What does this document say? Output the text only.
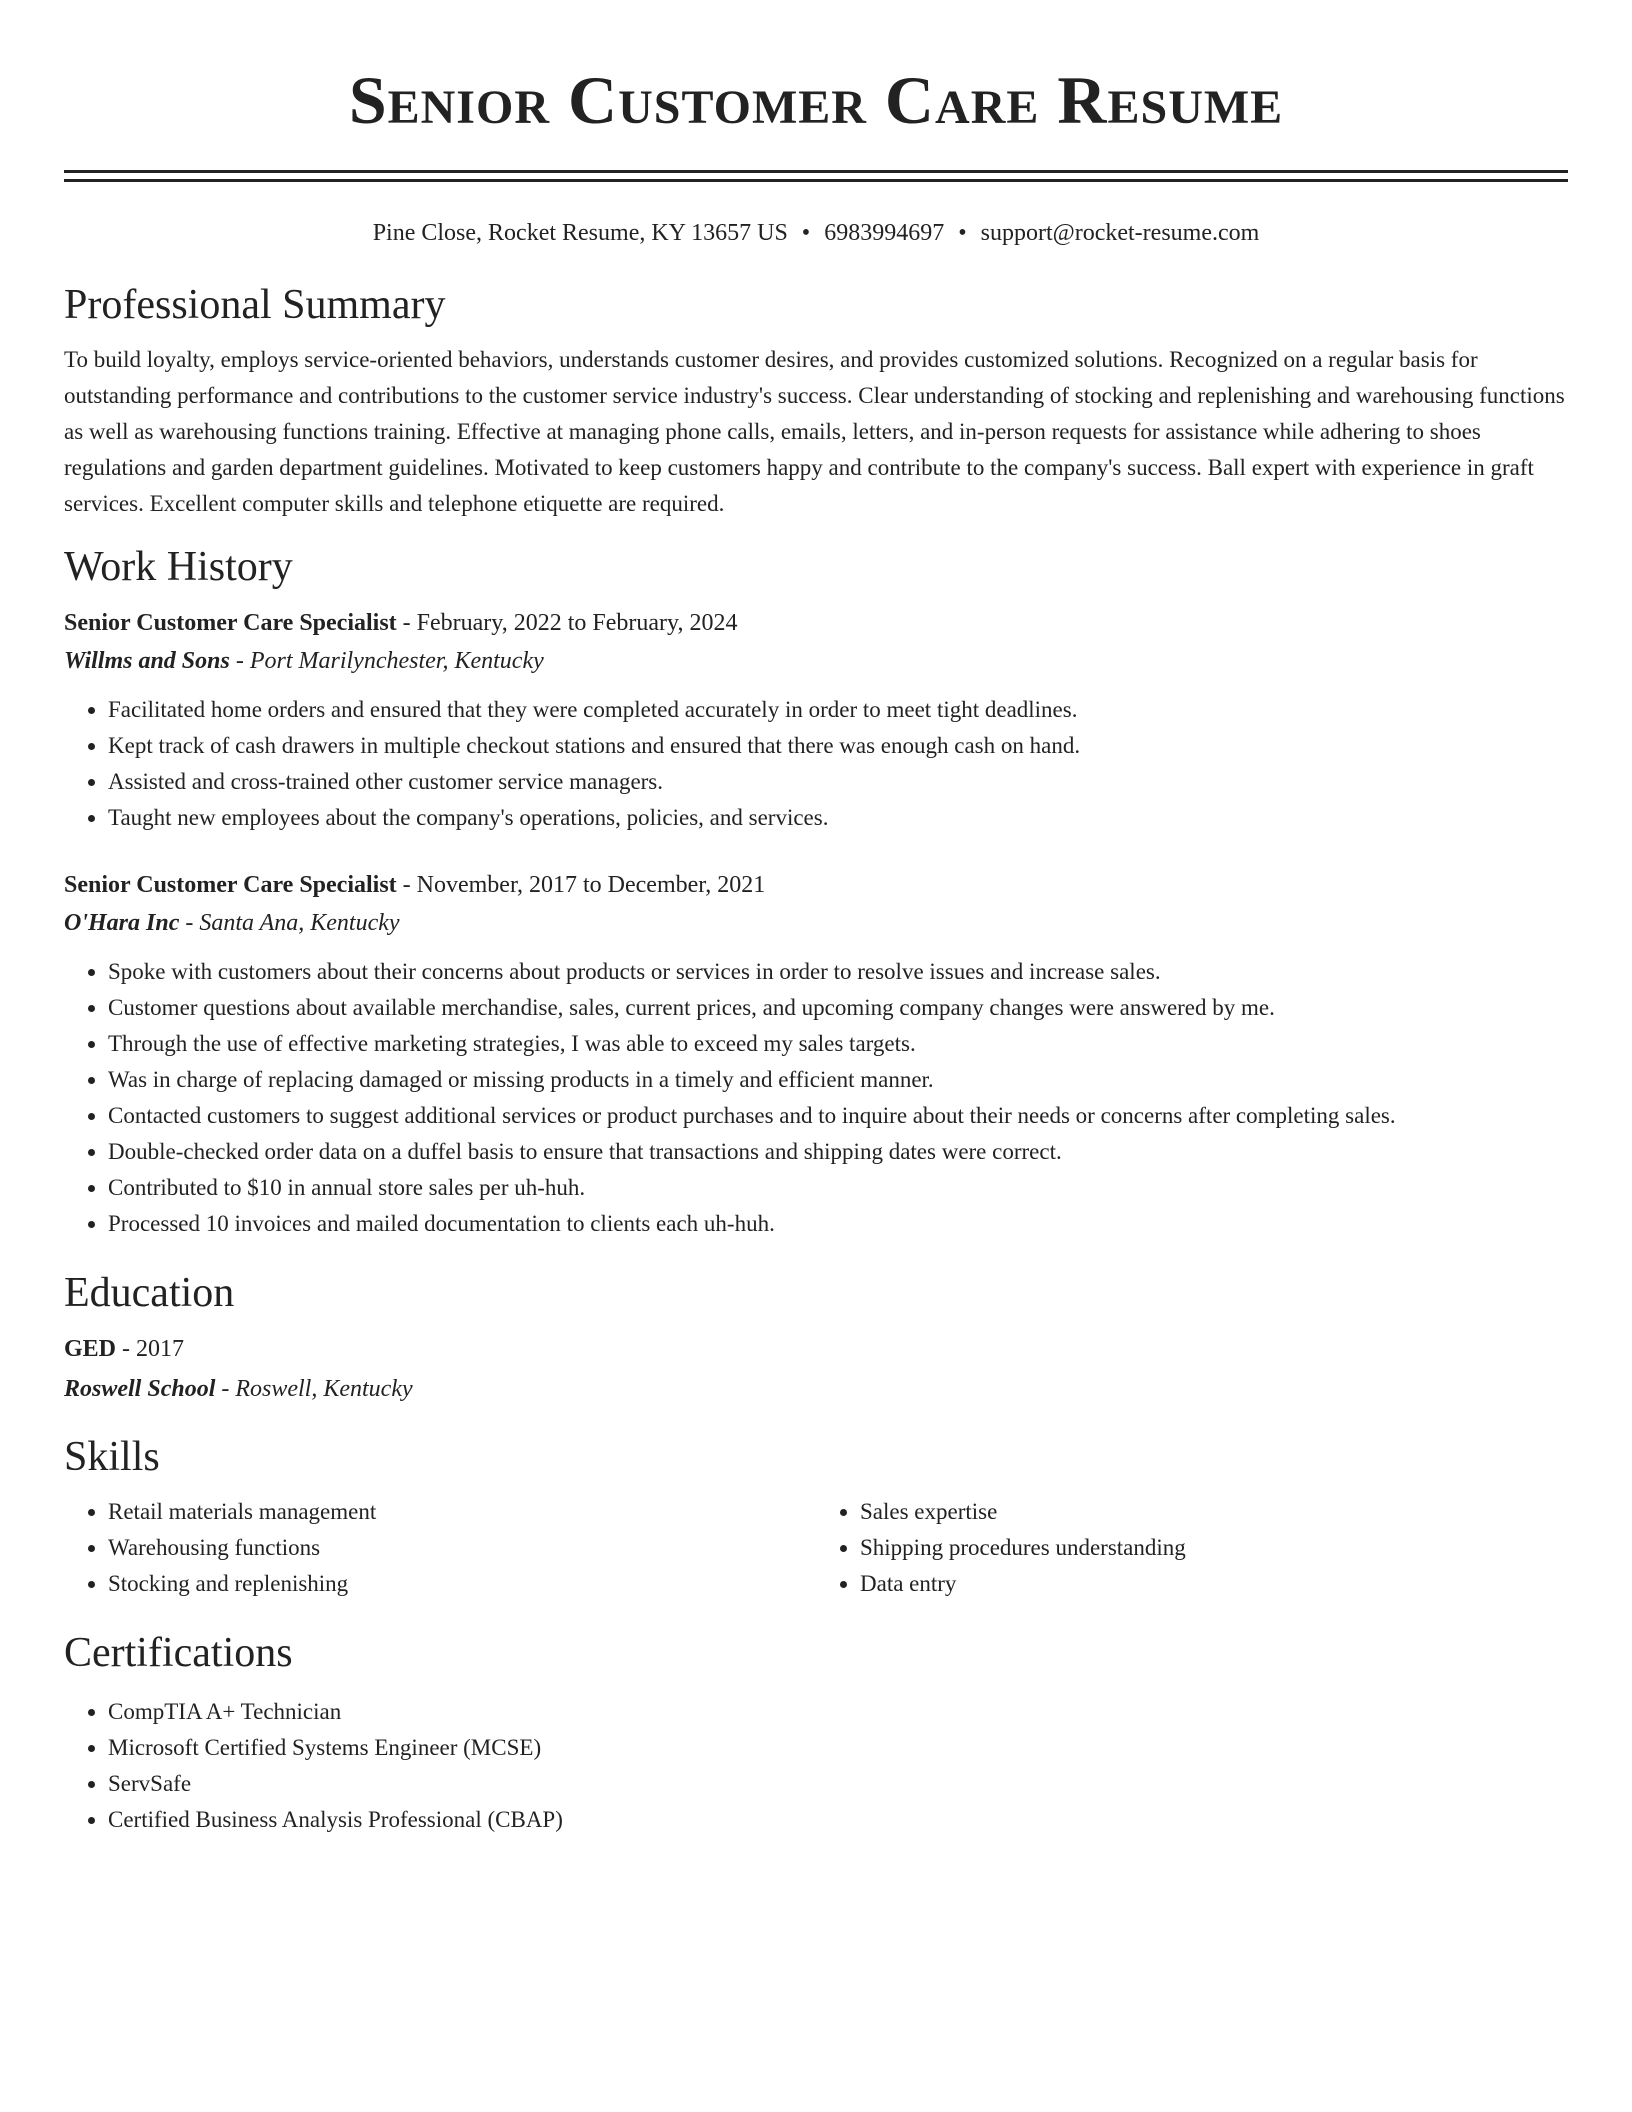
Senior Customer Care Resume
Pine Close, Rocket Resume, KY 13657 US • 6983994697 • support@rocket-resume.com
Professional Summary

To build loyalty, employs service-oriented behaviors, understands customer desires, and provides customized solutions. Recognized on a regular basis for outstanding performance and contributions to the customer service industry's success. Clear understanding of stocking and replenishing and warehousing functions as well as warehousing functions training. Effective at managing phone calls, emails, letters, and in-person requests for assistance while adhering to shoes regulations and garden department guidelines. Motivated to keep customers happy and contribute to the company's success. Ball expert with experience in graft services. Excellent computer skills and telephone etiquette are required.

Work History

Senior Customer Care Specialist - February, 2022 to February, 2024

Willms and Sons - Port Marilynchester, Kentucky

• Facilitated home orders and ensured that they were completed accurately in order to meet tight deadlines.
• Kept track of cash drawers in multiple checkout stations and ensured that there was enough cash on hand.
• Assisted and cross-trained other customer service managers.
• Taught new employees about the company's operations, policies, and services.

Senior Customer Care Specialist - November, 2017 to December, 2021

O'Hara Inc - Santa Ana, Kentucky

• Spoke with customers about their concerns about products or services in order to resolve issues and increase sales.
• Customer questions about available merchandise, sales, current prices, and upcoming company changes were answered by me.
• Through the use of effective marketing strategies, I was able to exceed my sales targets.
• Was in charge of replacing damaged or missing products in a timely and efficient manner.
• Contacted customers to suggest additional services or product purchases and to inquire about their needs or concerns after completing sales.
• Double-checked order data on a duffel basis to ensure that transactions and shipping dates were correct.
• Contributed to $10 in annual store sales per uh-huh.
• Processed 10 invoices and mailed documentation to clients each uh-huh.
Education

GED - 2017

Roswell School - Roswell, Kentucky

Skills
• Retail materials management
• Warehousing functions
• Stocking and replenishing
• Sales expertise
• Shipping procedures understanding
• Data entry
Certifications
• CompTIA A+ Technician
• Microsoft Certified Systems Engineer (MCSE)
• ServSafe
• Certified Business Analysis Professional (CBAP)
